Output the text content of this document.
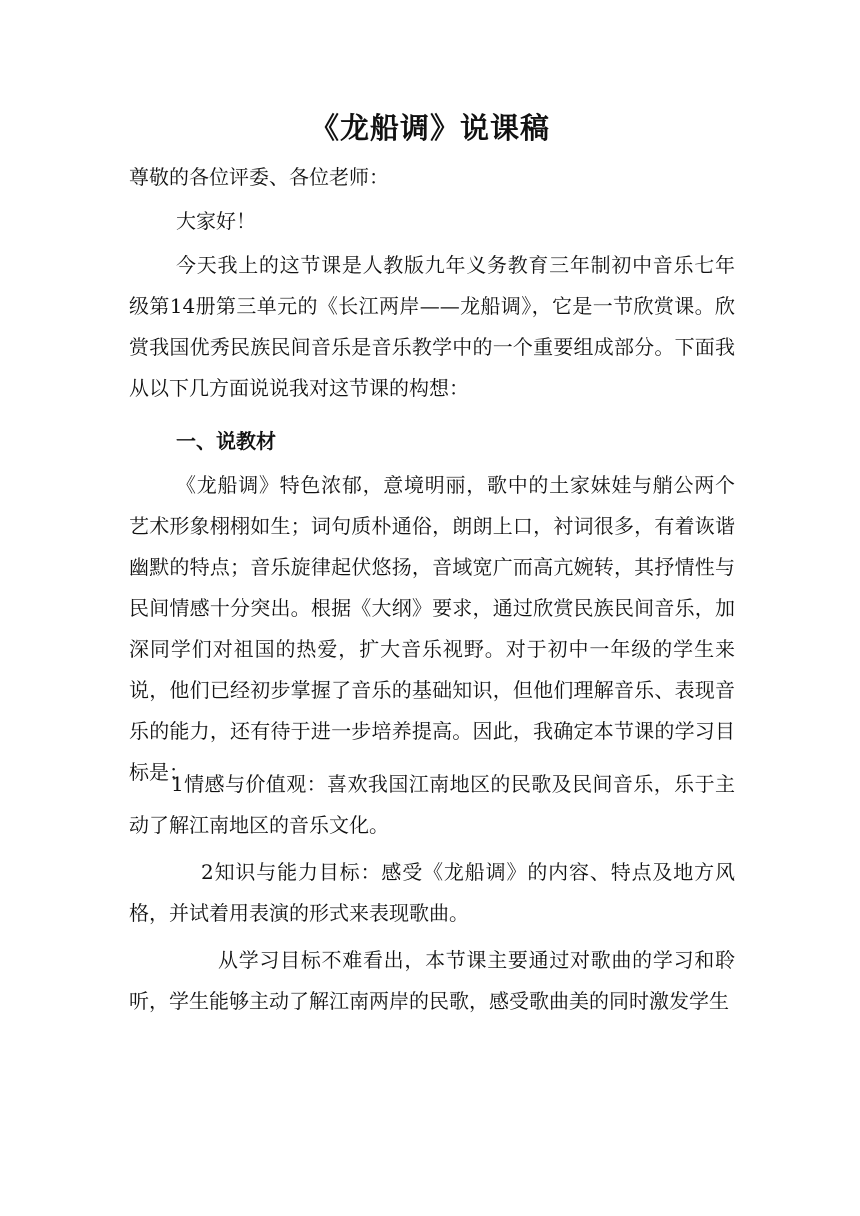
《龙船调》说课稿

尊敬的各位评委、各位老师：

大家好！

今天我上的这节课是人教版九年义务教育三年制初中音乐七年级第14册第三单元的《长江两岸——龙船调》，它是一节欣赏课。欣赏我国优秀民族民间音乐是音乐教学中的一个重要组成部分。下面我从以下几方面说说我对这节课的构想：

一、说教材

《龙船调》特色浓郁，意境明丽，歌中的土家妹娃与艄公两个艺术形象栩栩如生；词句质朴通俗，朗朗上口，衬词很多，有着诙谐幽默的特点；音乐旋律起伏悠扬，音域宽广而高亢婉转，其抒情性与民间情感十分突出。根据《大纲》要求，通过欣赏民族民间音乐，加深同学们对祖国的热爱，扩大音乐视野。对于初中一年级的学生来说，他们已经初步掌握了音乐的基础知识，但他们理解音乐、表现音乐的能力，还有待于进一步培养提高。因此，我确定本节课的学习目标是：

1情感与价值观：喜欢我国江南地区的民歌及民间音乐，乐于主动了解江南地区的音乐文化。

2知识与能力目标：感受《龙船调》的内容、特点及地方风格，并试着用表演的形式来表现歌曲。

从学习目标不难看出，本节课主要通过对歌曲的学习和聆听，学生能够主动了解江南两岸的民歌，感受歌曲美的同时激发学生
